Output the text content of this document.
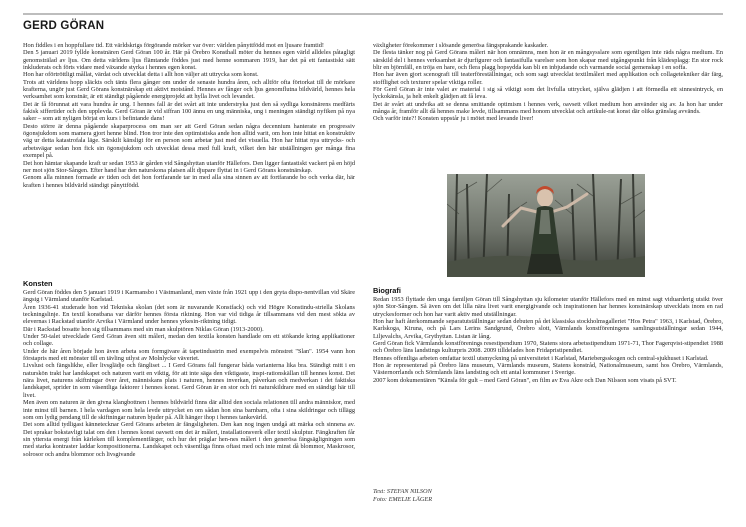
GERD GÖRAN

Hon fiddles i en hoppfullare tid. Ett världskrigs förgörande mörker var över: världen pånyttfödd mot en ljusare framtid!

Den 5 januari 2019 fyllde konstnären Gerd Göran 100 år. Här på Örebro Konsthall möter du hennes egen värld alldeles påtagligt genomsträlad av ljus. Om detta världens ljus flämtande föddes just med henne sommaren 1919, har det på ett fantastiskt sätt inkluderats och förts vidare med växande styrka i hennes egen konst.

Hon har oförtröttligt mållat, värdat och utvecklat detta i allt hon väljer att uttrycka som konst.

Trots att världens hopp släckts och tänts flera gånger om under de senaste hundra åren, och alltför ofta förtorkat till de mörkare krafterna, ungör just Gerd Görans konstnärskap ett aktivt motstånd. Hennes av fånger och ljus genomflutna bildvärld, hennes hela verksamhet som konstnär, är ett ständigt pågående energiprojekt att hylla livet och levandet.

Det är få förunnat att vara hundra år ung. I hennes fall är det svårt att inte understryka just den så sydliga konstnärens medfärts fakisk siffertider och den upplevda. Gerd Göran är vid siffran 100 ännu en ung människa, ung i meningen ständigt nyfiken på nya saker – som att nyligen börjat en kurs i befintande dans!

Desto större är denna pågående skaparprocess om man ser att Gerd Göran sedan några decennium hanterate en progressiv ögonsjukdom som mamera gjort henne blind. Hon tror inte den optimistiska ande hon alltid varit, om hon inte hittat en konstruktiv väg ur detta katastrofala läge. Särskilt känsligt för en person som arbetar just med det visuella. Hon har hittat nya uttrycks- och arbetsvägar sedan hon fick sin ögonsjukdom och utvecklat dessa med full kraft, vilket den här utställningen ger många fina exempel på.

Det hon hämtar skapande kraft ur sedan 1953 är gården vid Sångshyttan utanför Hällefors. Den ligger fantastiskt vackert på en höjd ner mot sjön Stor-Sången. Efter hand har den naturskona platsen allt djupare flyttat in i Gerd Görans konstnärskap.

Genom alla minnen formade av tiden och det hon fortfarande tar in med alla sina sinnen av att fortfarande bo och verka där, här kraften i hennes bildvärld ständigt pånyttfödd.

Konsten

Gerd Göran föddes den 5 januari 1919 i Karmansbo i Västmanland, men växte från 1921 upp i den gryta dispo-nentvillan vid Skäre ängsig i Värmland utanför Karlstad.

Åren 1936-41 studerade hon vid Tekniska skolan (det som är nuvarande Konstfack) och vid Högre Konstindu-striella Skolans teckningslinje. En textil konstbana var därför hennes första riktning. Hon var vid tidiga år tillsammans vid den mest sökta av elevernas i Rackstad utanför Arvika i Värmland under hennes yrkesin-riktning tidigt.

Där i Rackstad bosatte hon sig tillsammans med sin man skulptören Niklas Göran (1913-2000).

Under 50-talet utvecklade Gerd Göran även sitt måleri, medan den textila konsten handlade om ett stökande kring applikationer och collage.

Under de här åren började hon även arbeta som formgivare åt tapetindustrin med exempelvis mönstret "Slan". 1954 vann hon förstapris med ett mönster till en tävling utlyst av Molnlycke väveriet.

Livslust och fängslikhe, eller livsglädje och fängliset ... I Gerd Görans fall fungerar båda varianterna lika bra. Ständigt mitt i en naturskön trakt har landskapet och naturen varit en viktig, för att inte säga den viktigaste, inspi-rationskällan till hennes konst. Det nära livet, naturens skiftningar över året, människans plats i naturen, hennes inverkan, påverkan och medverkan i det faktiska landskapet, sprider in som väsentliga faktorer i hennes konst. Gerd Göran är en stor och fri naturskildrare med en ständigt här till livet.

Men även om naturen är den givna klangbottnen i hennes bildvärld finns där alltid den sociala relationen till andra människor, med inte minst till barnen. I hela vardagen som hela levde uttrycket en om sådan hon sina barnbarn, ofta i sina skildringar och tillägg som om lydig pendang till de skiftningar naturen bjuder på. Allt hänger ihop i hennes tankevärld.

Det som alltid tydligast kännetecknar Gerd Görans arbeten är fängsligheten. Den kan nog ingen undgå att märka och sinnena av. Det sprakar bokstavligt talat om den i hennes konst oavsett om det är måleri, installationsverk eller textil skulptur. Fängkraften får sin yttersta energi från kärleken till komplementfärger, och hur det präglar hen-nes måleri i den generösa fängsägligningen som med starka kontraster laddar kompositionerna. Landskapet och väsentliga finns oftast med och inte minst då blommor, Maskrosor, solrosor och andra blommor och livsgivande

växligheter förekommer i slösande generösa fängsprakande kaskader.

De flesta tänker nog på Gerd Görans måleri när hon omnämns, men hon är en mångsysslare som egentligen inte räds några medium. En särskild del i hennes verksamhet är djurfigurer och fantasifulla varelser som hon skapar med utgångspunkt från klädesplagg: En stor rock blir en björnfäll, en tröja en hare, och flera plagg hopsydda kan bli en inbjudande och varmande social gemenskap i en soffa.

Hon har även gjort scenografi till teaterföreställningar, och som sagt utvecklat textilmåleri med applikation och collagetekniker där färg, stofflighet och texturer spelar viktiga roller.

För Gerd Göran är inte valet av material i sig så viktigt som det livfulla uttrycket, själva glädjen i att förmedla ett sinnesintryck, en lyckokänsla, ja helt enkelt glädjen att få leva.

Det är svårt att undvika att se denna smittande optimism i hennes verk, oavsett vilket medium hon använder sig av. Ja hon har under många år, framför allt då hennes make levde, tillsammans med honom utvecklat och artikule-rat konst där olika gränslag avvänds.

Och varför inte?! Konsten uppstår ju i mötet med levande liver!

Biografi

Redan 1953 flyttade den unga familjen Göran till Sångshyttan sju kilometer utanför Hällefors med en minst sagt viduarderig utsikt över sjön Stor-Sången. Så även om det lilla nära livet varit energigivande och inspirationen har hennes konstnärskap utvecklats inom en rad utryckesformer och hon har varit aktiv med utställningar.

Hon har haft återkommande separatutställningar sedan debuten på det klassiska stockholmsgalleriet "Hos Petra" 1963, i Karlstad, Örebro, Karlskoga, Kiruna, och på Lars Lerins Sandgrund, Örebro slott, Värmlands konstföreningens samlingsutställningar sedan 1944, Liljevalchs, Arvika, Grythyttan. Listan är lång.

Gerd Göran fick Värmlands konstförenings resestipendium 1970, Statens stora arbetsstipendium 1971-71, Thor Fagerqvist-stipendiet 1988 och Örebro läns landstings kulturpris 2008. 2009 tilldelades hon Fridapristipendiet.

Hennes offentliga arbeten omfattar textil utsmyckning på universitetet i Karlstad, Mariebergsskogen och central-sjukhuset i Karlstad.

Hon är representerad på Örebro läns museum, Värmlands museum, Statens konstråd, Nationalmuseum, samt hos Örebro, Värmlands, Västernorrlands och Sörmlands läns landsting och ett antal kommuner i Sverige.

2007 kom dokumentären "Känsla för gult – med Gerd Göran", en film av Eva Akre och Dan Nilsson som visats på SVT.

Text: STEFAN NILSON
Foto: EMELIE LÄGER
